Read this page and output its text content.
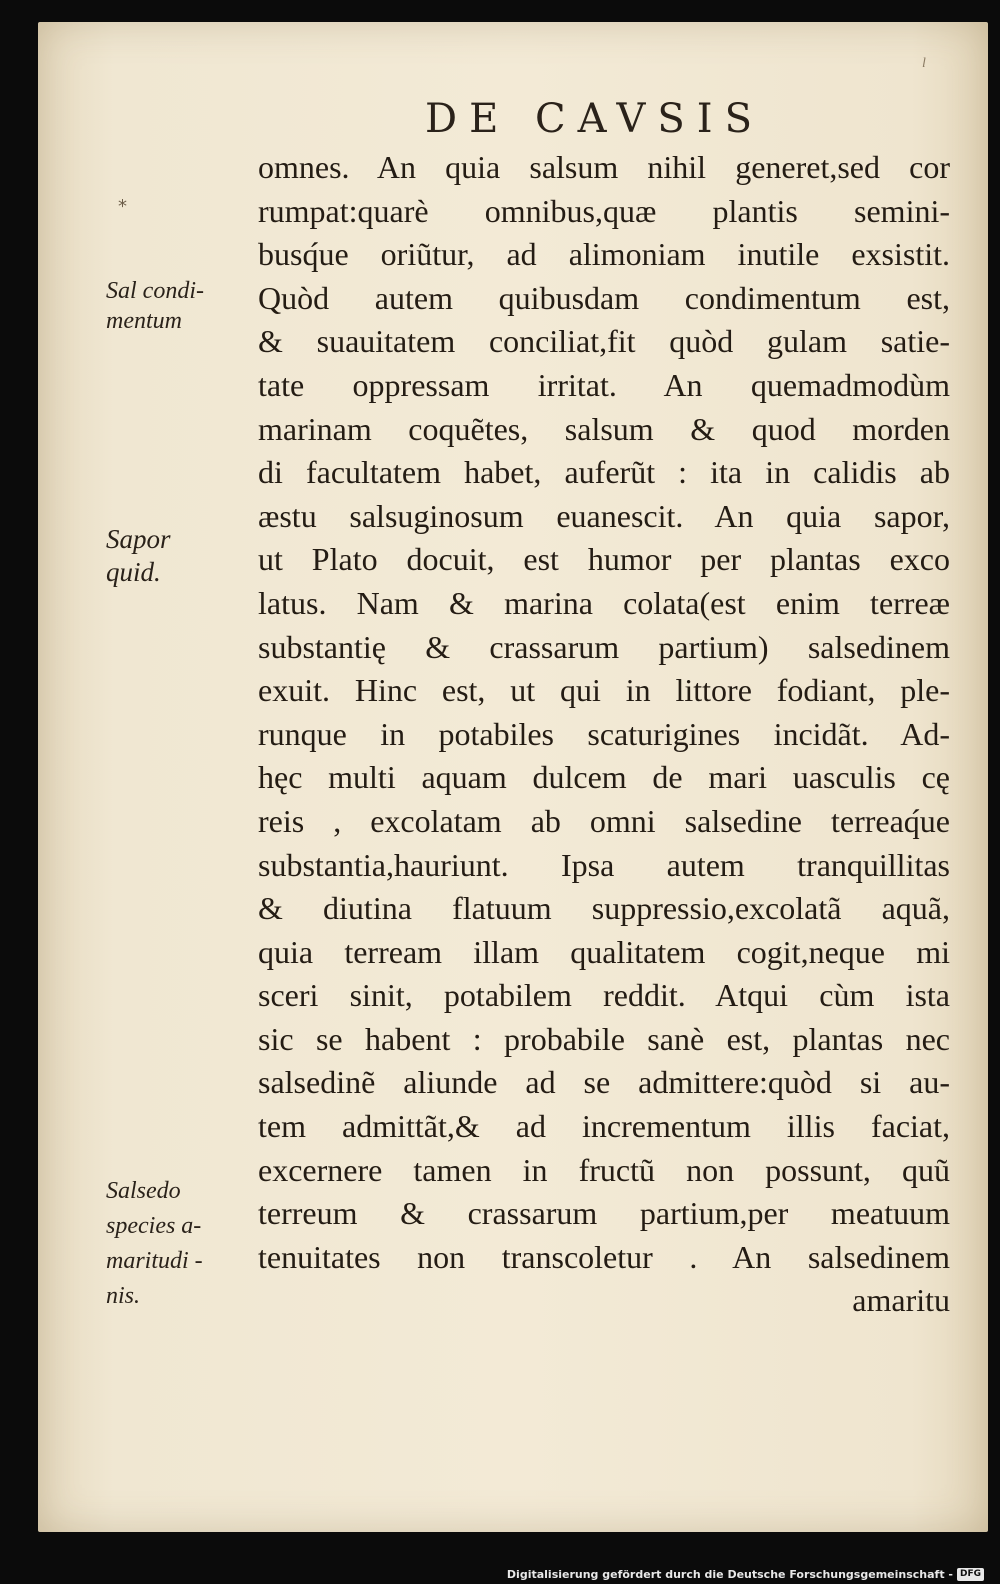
l
DE CAVSIS
*
Sal condi-
mentum
Sapor
quid.
Salsedo
species a-
maritudi -
nis.
omnes. An quia salsum nihil generet,sed cor
rumpat:quarè omnibus,quæ plantis semini-
busq́ue oriũtur, ad alimoniam inutile exsistit.
Quòd autem quibusdam condimentum est,
& suauitatem conciliat,fit quòd gulam satie-
tate oppressam irritat. An quemadmodùm
marinam coquẽtes, salsum & quod morden
di facultatem habet, auferũt : ita in calidis ab
æstu salsuginosum euanescit. An quia sapor,
ut Plato docuit, est humor per plantas exco
latus. Nam & marina colata(est enim terreæ
substantię & crassarum partium) salsedinem
exuit. Hinc est, ut qui in littore fodiant, ple-
runque in potabiles scaturigines incidãt. Ad-
hęc multi aquam dulcem de mari uasculis cę
reis , excolatam ab omni salsedine terreaq́ue
substantia,hauriunt. Ipsa autem tranquillitas
& diutina flatuum suppressio,excolatã aquã,
quia terream illam qualitatem cogit,neque mi
sceri sinit, potabilem reddit. Atqui cùm ista
sic se habent : probabile sanè est, plantas nec
salsedinẽ aliunde ad se admittere:quòd si au-
tem admittãt,& ad incrementum illis faciat,
excernere tamen in fructũ non possunt, quũ
terreum & crassarum partium,per meatuum
tenuitates non transcoletur . An salsedinem
amaritu
Digitalisierung gefördert durch die Deutsche Forschungsgemeinschaft - DFG
